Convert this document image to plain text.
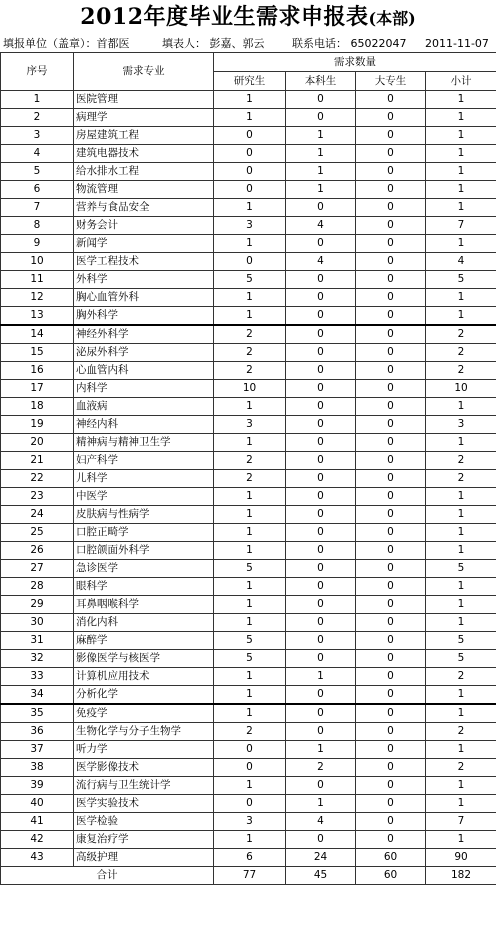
2012年度毕业生需求申报表(本部)
填报单位（盖章）：首都医	填表人： 彭嘉、郭云	联系电话： 65022047 2011-11-07
序号	需求专业	需求数量			
		研究生	本科生	大专生	小计
1	医院管理	1	0	0	1
2	病理学	1	0	0	1
3	房屋建筑工程	0	1	0	1
4	建筑电器技术	0	1	0	1
5	给水排水工程	0	1	0	1
6	物流管理	0	1	0	1
7	营养与食品安全	1	0	0	1
8	财务会计	3	4	0	7
9	新闻学	1	0	0	1
10	医学工程技术	0	4	0	4
11	外科学	5	0	0	5
12	胸心血管外科	1	0	0	1
13	胸外科学	1	0	0	1
14	神经外科学	2	0	0	2
15	泌尿外科学	2	0	0	2
16	心血管内科	2	0	0	2
17	内科学	10	0	0	10
18	血液病	1	0	0	1
19	神经内科	3	0	0	3
20	精神病与精神卫生学	1	0	0	1
21	妇产科学	2	0	0	2
22	儿科学	2	0	0	2
23	中医学	1	0	0	1
24	皮肤病与性病学	1	0	0	1
25	口腔正畸学	1	0	0	1
26	口腔颌面外科学	1	0	0	1
27	急诊医学	5	0	0	5
28	眼科学	1	0	0	1
29	耳鼻咽喉科学	1	0	0	1
30	消化内科	1	0	0	1
31	麻醉学	5	0	0	5
32	影像医学与核医学	5	0	0	5
33	计算机应用技术	1	1	0	2
34	分析化学	1	0	0	1
35	免疫学	1	0	0	1
36	生物化学与分子生物学	2	0	0	2
37	听力学	0	1	0	1
38	医学影像技术	0	2	0	2
39	流行病与卫生统计学	1	0	0	1
40	医学实验技术	0	1	0	1
41	医学检验	3	4	0	7
42	康复治疗学	1	0	0	1
43	高级护理	6	24	60	90
合计		77	45	60	182
